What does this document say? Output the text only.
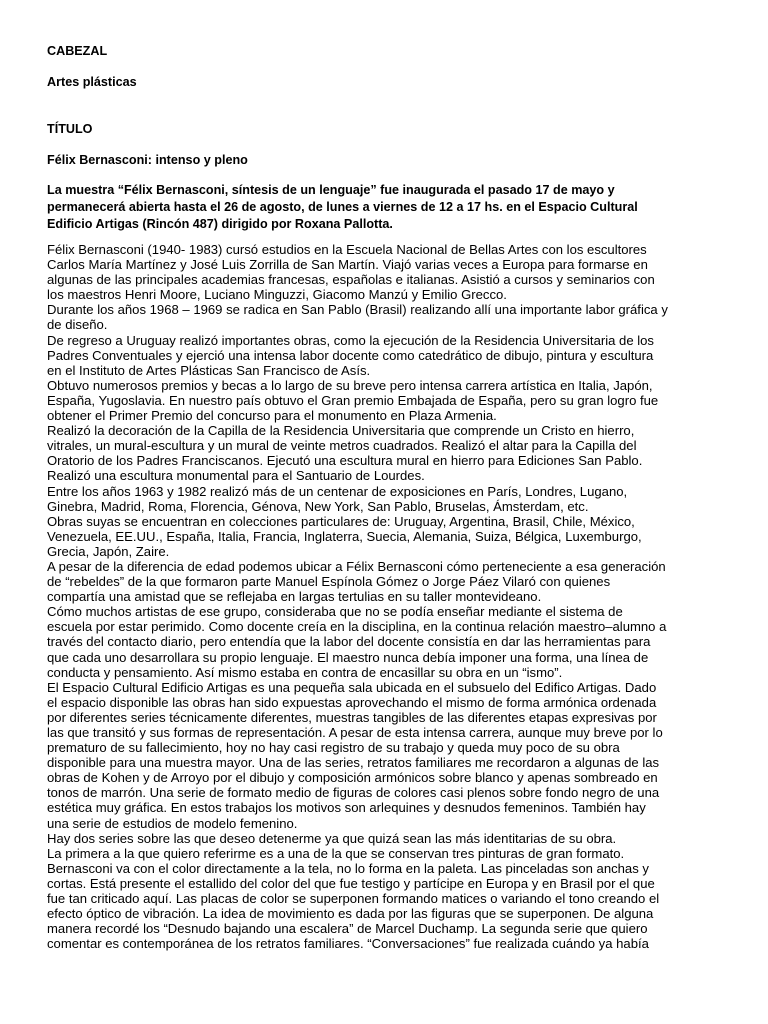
CABEZAL
Artes plásticas
TÍTULO
Félix Bernasconi: intenso y pleno
La muestra “Félix Bernasconi, síntesis de un lenguaje” fue inaugurada el pasado 17 de mayo y
permanecerá abierta hasta el 26 de agosto, de lunes a viernes de 12 a 17 hs. en el Espacio Cultural
Edificio Artigas (Rincón 487) dirigido por Roxana Pallotta.
Félix Bernasconi (1940- 1983) cursó estudios en la Escuela Nacional de Bellas Artes con los escultores
Carlos María Martínez y José Luis Zorrilla de San Martín. Viajó varias veces a Europa para formarse en
algunas de las principales academias francesas, españolas e italianas. Asistió a cursos y seminarios con
los maestros Henri Moore, Luciano Minguzzi, Giacomo Manzú y Emilio Grecco.
Durante los años 1968 – 1969 se radica en San Pablo (Brasil) realizando allí una importante labor gráfica y
de diseño.
De regreso a Uruguay realizó importantes obras, como la ejecución de la Residencia Universitaria de los
Padres Conventuales y ejerció una intensa labor docente como catedrático de dibujo, pintura y escultura
en el Instituto de Artes Plásticas San Francisco de Asís.
Obtuvo numerosos premios y becas a lo largo de su breve pero intensa carrera artística en Italia, Japón,
España, Yugoslavia. En nuestro país obtuvo el Gran premio Embajada de España, pero su gran logro fue
obtener el Primer Premio del concurso para el monumento en Plaza Armenia.
Realizó la decoración de la Capilla de la Residencia Universitaria que comprende un Cristo en hierro,
vitrales, un mural-escultura y un mural de veinte metros cuadrados. Realizó el altar para la Capilla del
Oratorio de los Padres Franciscanos. Ejecutó una escultura mural en hierro para Ediciones San Pablo.
Realizó una escultura monumental para el Santuario de Lourdes.
Entre los años 1963 y 1982 realizó más de un centenar de exposiciones en París, Londres, Lugano,
Ginebra, Madrid, Roma, Florencia, Génova, New York, San Pablo, Bruselas, Ámsterdam, etc.
Obras suyas se encuentran en colecciones particulares de: Uruguay, Argentina, Brasil, Chile, México,
Venezuela, EE.UU., España, Italia, Francia, Inglaterra, Suecia, Alemania, Suiza, Bélgica, Luxemburgo,
Grecia, Japón, Zaire.
A pesar de la diferencia de edad podemos ubicar a Félix Bernasconi cómo perteneciente a esa generación
de “rebeldes” de la que formaron parte Manuel Espínola Gómez o Jorge Páez Vilaró con quienes
compartía una amistad que se reflejaba en largas tertulias en su taller montevideano.
Cómo muchos artistas de ese grupo, consideraba que no se podía enseñar mediante el sistema de
escuela por estar perimido. Como docente creía en la disciplina, en la continua relación maestro–alumno a
través del contacto diario, pero entendía que la labor del docente consistía en dar las herramientas para
que cada uno desarrollara su propio lenguaje. El maestro nunca debía imponer una forma, una línea de
conducta y pensamiento. Así mismo estaba en contra de encasillar su obra en un “ismo”.
El Espacio Cultural Edificio Artigas es una pequeña sala ubicada en el subsuelo del Edifico Artigas. Dado
el espacio disponible las obras han sido expuestas aprovechando el mismo de forma armónica ordenada
por diferentes series técnicamente diferentes, muestras tangibles de las diferentes etapas expresivas por
las que transitó y sus formas de representación. A pesar de esta intensa carrera, aunque muy breve por lo
prematuro de su fallecimiento, hoy no hay casi registro de su trabajo y queda muy poco de su obra
disponible para una muestra mayor. Una de las series, retratos familiares me recordaron a algunas de las
obras de Kohen y de Arroyo por el dibujo y composición armónicos sobre blanco y apenas sombreado en
tonos de marrón. Una serie de formato medio de figuras de colores casi plenos sobre fondo negro de una
estética muy gráfica. En estos trabajos los motivos son arlequines y desnudos femeninos. También hay
una serie de estudios de modelo femenino.
Hay dos series sobre las que deseo detenerme ya que quizá sean las más identitarias de su obra.
La primera a la que quiero referirme es a una de la que se conservan tres pinturas de gran formato.
Bernasconi va con el color directamente a la tela, no lo forma en la paleta. Las pinceladas son anchas y
cortas. Está presente el estallido del color del que fue testigo y partícipe en Europa y en Brasil por el que
fue tan criticado aquí. Las placas de color se superponen formando matices o variando el tono creando el
efecto óptico de vibración. La idea de movimiento es dada por las figuras que se superponen. De alguna
manera recordé los “Desnudo bajando una escalera” de Marcel Duchamp. La segunda serie que quiero
comentar es contemporánea de los retratos familiares. “Conversaciones” fue realizada cuándo ya había
